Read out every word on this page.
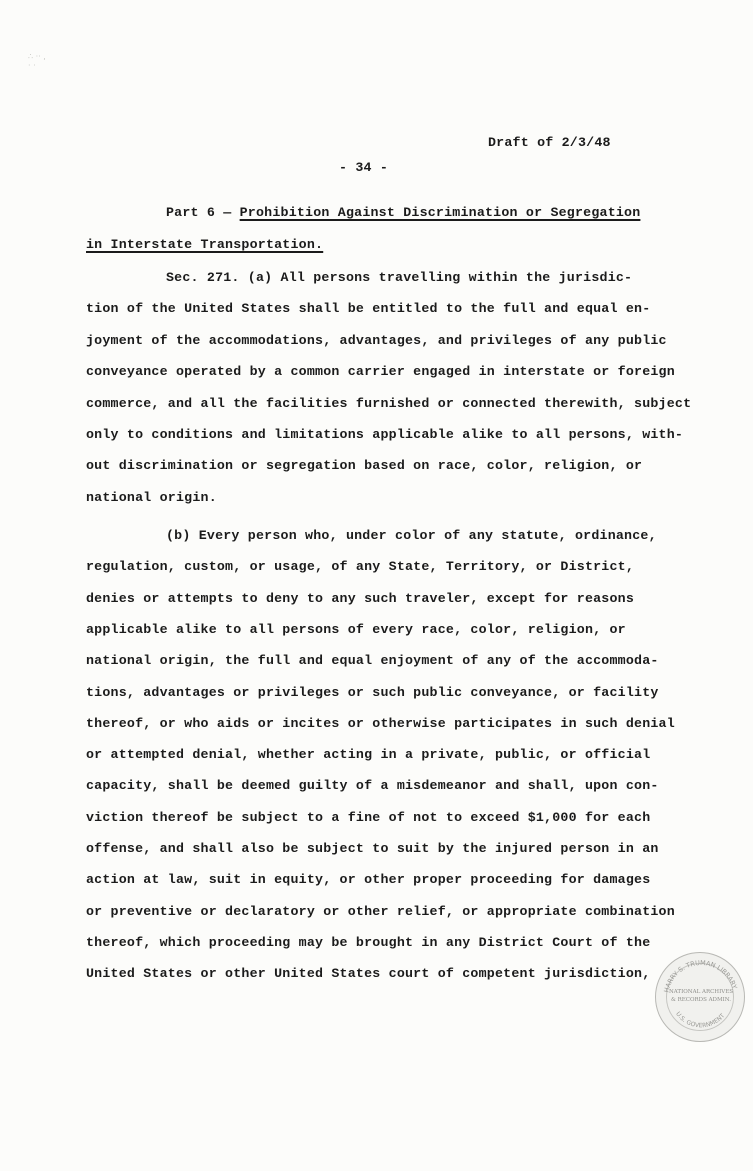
∴ ·· ,
· ·
Draft of 2/3/48
- 34 -
Part 6 — Prohibition Against Discrimination or Segregation
in Interstate Transportation.
Sec. 271. (a) All persons travelling within the jurisdic-
tion of the United States shall be entitled to the full and equal en-
joyment of the accommodations, advantages, and privileges of any public
conveyance operated by a common carrier engaged in interstate or foreign
commerce, and all the facilities furnished or connected therewith, subject
only to conditions and limitations applicable alike to all persons, with-
out discrimination or segregation based on race, color, religion, or
national origin.
(b) Every person who, under color of any statute, ordinance,
regulation, custom, or usage, of any State, Territory, or District,
denies or attempts to deny to any such traveler, except for reasons
applicable alike to all persons of every race, color, religion, or
national origin, the full and equal enjoyment of any of the accommoda-
tions, advantages or privileges or such public conveyance, or facility
thereof, or who aids or incites or otherwise participates in such denial
or attempted denial, whether acting in a private, public, or official
capacity, shall be deemed guilty of a misdemeanor and shall, upon con-
viction thereof be subject to a fine of not to exceed $1,000 for each
offense, and shall also be subject to suit by the injured person in an
action at law, suit in equity, or other proper proceeding for damages
or preventive or declaratory or other relief, or appropriate combination
thereof, which proceeding may be brought in any District Court of the
United States or other United States court of competent jurisdiction,
HARRY S. TRUMAN LIBRARY
U.S. GOVERNMENT
NATIONAL ARCHIVES
& RECORDS ADMIN.
